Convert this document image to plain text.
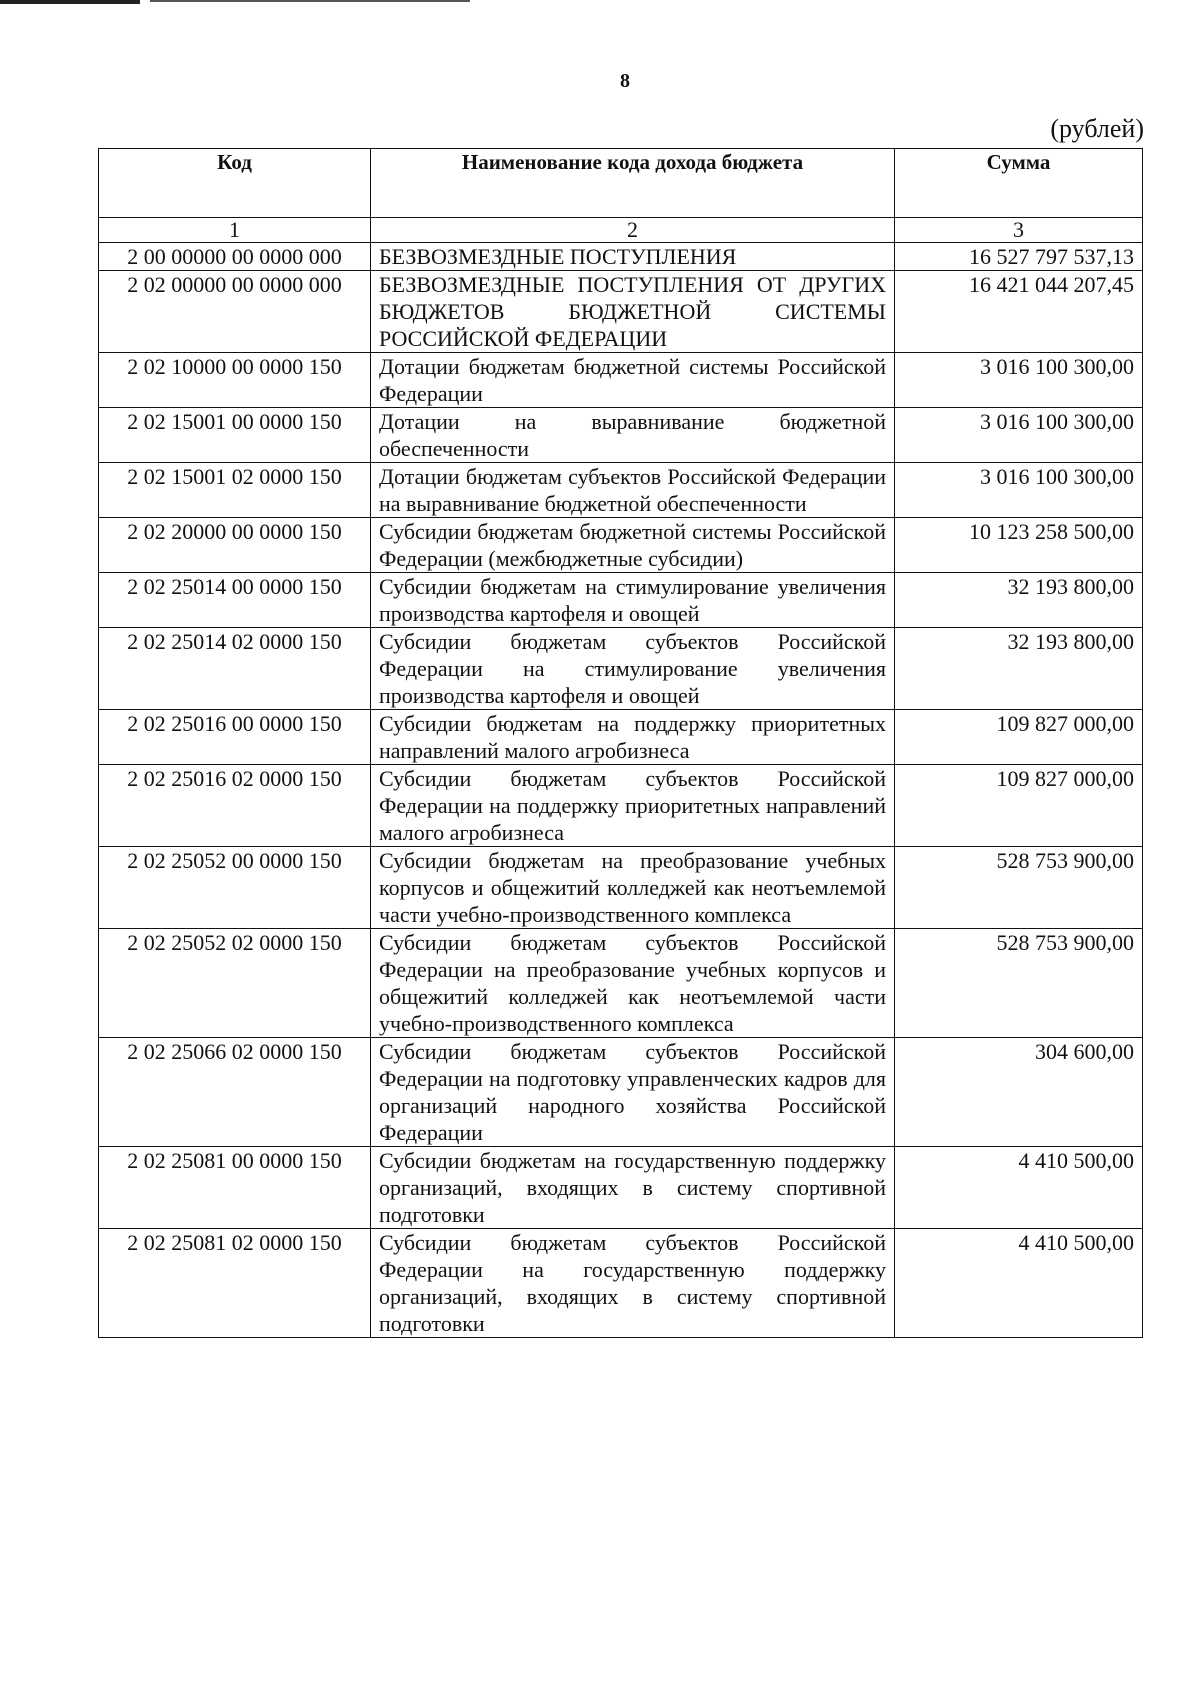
8
(рублей)
Код	Наименование кода дохода бюджета	Сумма
1	2	3
2 00 00000 00 0000 000	БЕЗВОЗМЕЗДНЫЕ ПОСТУПЛЕНИЯ	16 527 797 537,13
2 02 00000 00 0000 000	БЕЗВОЗМЕЗДНЫЕ ПОСТУПЛЕНИЯ ОТ ДРУГИХ БЮДЖЕТОВ БЮДЖЕТНОЙ СИСТЕМЫ РОССИЙСКОЙ ФЕДЕРАЦИИ	16 421 044 207,45
2 02 10000 00 0000 150	Дотации бюджетам бюджетной системы Российской Федерации	3 016 100 300,00
2 02 15001 00 0000 150	Дотации на выравнивание бюджетной обеспеченности	3 016 100 300,00
2 02 15001 02 0000 150	Дотации бюджетам субъектов Российской Федерации на выравнивание бюджетной обеспеченности	3 016 100 300,00
2 02 20000 00 0000 150	Субсидии бюджетам бюджетной системы Российской Федерации (межбюджетные субсидии)	10 123 258 500,00
2 02 25014 00 0000 150	Субсидии бюджетам на стимулирование увеличения производства картофеля и овощей	32 193 800,00
2 02 25014 02 0000 150	Субсидии бюджетам субъектов Российской Федерации на стимулирование увеличения производства картофеля и овощей	32 193 800,00
2 02 25016 00 0000 150	Субсидии бюджетам на поддержку приоритетных направлений малого агробизнеса	109 827 000,00
2 02 25016 02 0000 150	Субсидии бюджетам субъектов Российской Федерации на поддержку приоритетных направлений малого агробизнеса	109 827 000,00
2 02 25052 00 0000 150	Субсидии бюджетам на преобразование учебных корпусов и общежитий колледжей как неотъемлемой части учебно-производственного комплекса	528 753 900,00
2 02 25052 02 0000 150	Субсидии бюджетам субъектов Российской Федерации на преобразование учебных корпусов и общежитий колледжей как неотъемлемой части учебно-производственного комплекса	528 753 900,00
2 02 25066 02 0000 150	Субсидии бюджетам субъектов Российской Федерации на подготовку управленческих кадров для организаций народного хозяйства Российской Федерации	304 600,00
2 02 25081 00 0000 150	Субсидии бюджетам на государственную поддержку организаций, входящих в систему спортивной подготовки	4 410 500,00
2 02 25081 02 0000 150	Субсидии бюджетам субъектов Российской Федерации на государственную поддержку организаций, входящих в систему спортивной подготовки	4 410 500,00
